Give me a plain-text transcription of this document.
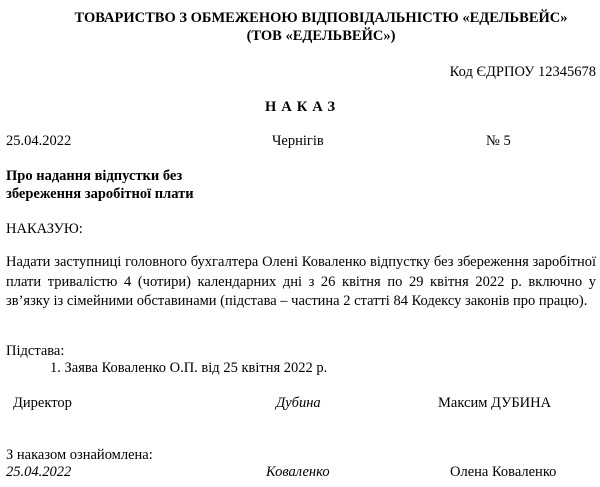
ТОВАРИСТВО З ОБМЕЖЕНОЮ ВІДПОВІДАЛЬНІСТЮ «ЕДЕЛЬВЕЙС»
(ТОВ «ЕДЕЛЬВЕЙС»)
Код ЄДРПОУ 12345678
НАКАЗ
25.04.2022	Чернігів	№ 5
Про надання відпустки без
збереження заробітної плати
НАКАЗУЮ:
Надати заступниці головного бухгалтера Олені Коваленко відпустку без збереження заробітної плати тривалістю 4 (чотири) календарних дні з 26 квітня по 29 квітня 2022 р. включно у зв’язку із сімейними обставинами (підстава – частина 2 статті 84 Кодексу законів про працю).
Підстава:
1. Заява Коваленко О.П. від 25 квітня 2022 р.
Директор	Дубина	Максим ДУБИНА
З наказом ознайомлена:
25.04.2022	Коваленко	Олена Коваленко
